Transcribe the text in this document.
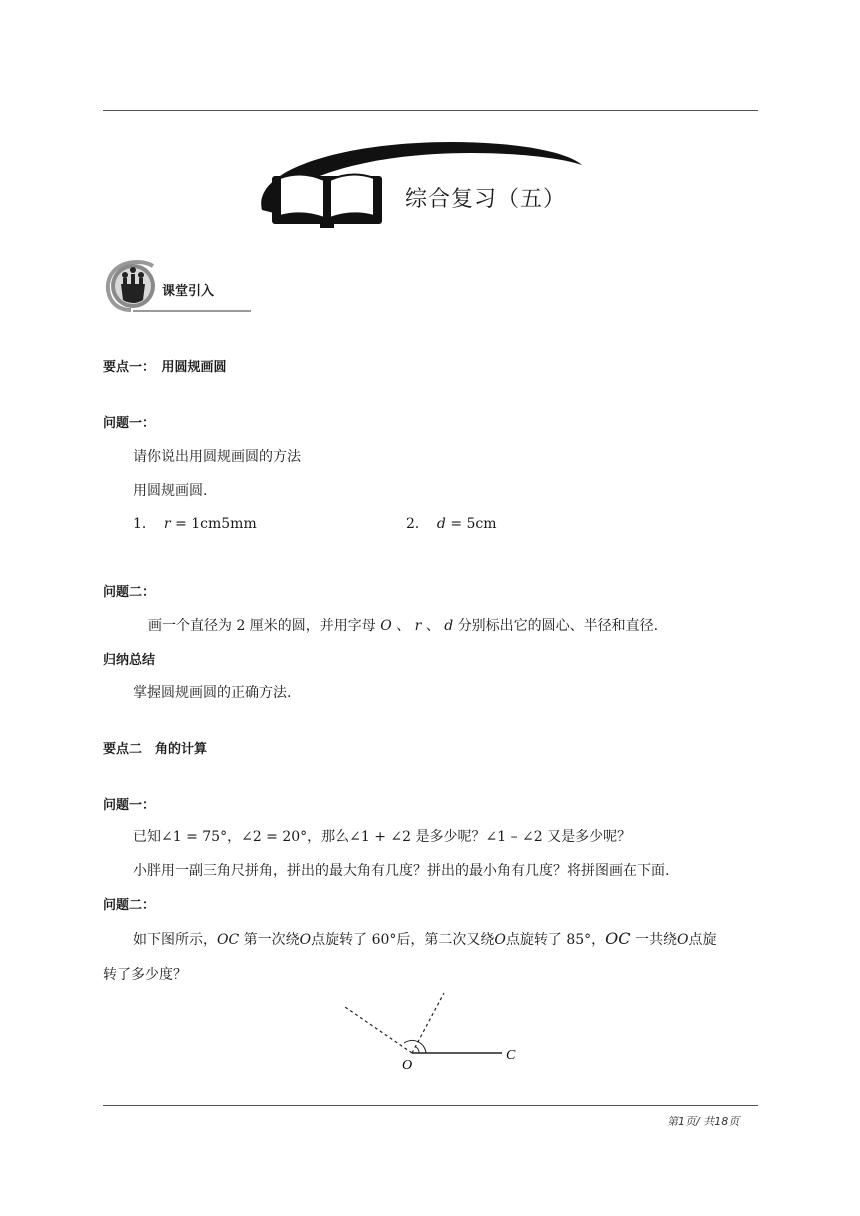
综合复习（五）
课堂引入
要点一：　用圆规画圆
问题一：
请你说出用圆规画圆的方法
用圆规画圆.
1． r = 1cm5mm	2． d = 5cm
问题二：
画一个直径为 2 厘米的圆，并用字母 O 、 r 、 d 分别标出它的圆心、半径和直径.
归纳总结
掌握圆规画圆的正确方法.
要点二　角的计算
问题一：
已知∠1 = 75°，∠2 = 20°，那么∠1 + ∠2 是多少呢？∠1 – ∠2 又是多少呢？
小胖用一副三角尺拼角，拼出的最大角有几度？拼出的最小角有几度？将拼图画在下面.
问题二：
如下图所示，OC 第一次绕O点旋转了 60°后，第二次又绕O点旋转了 85°，OC 一共绕O点旋
转了多少度？
O
C
第1页/ 共18页
